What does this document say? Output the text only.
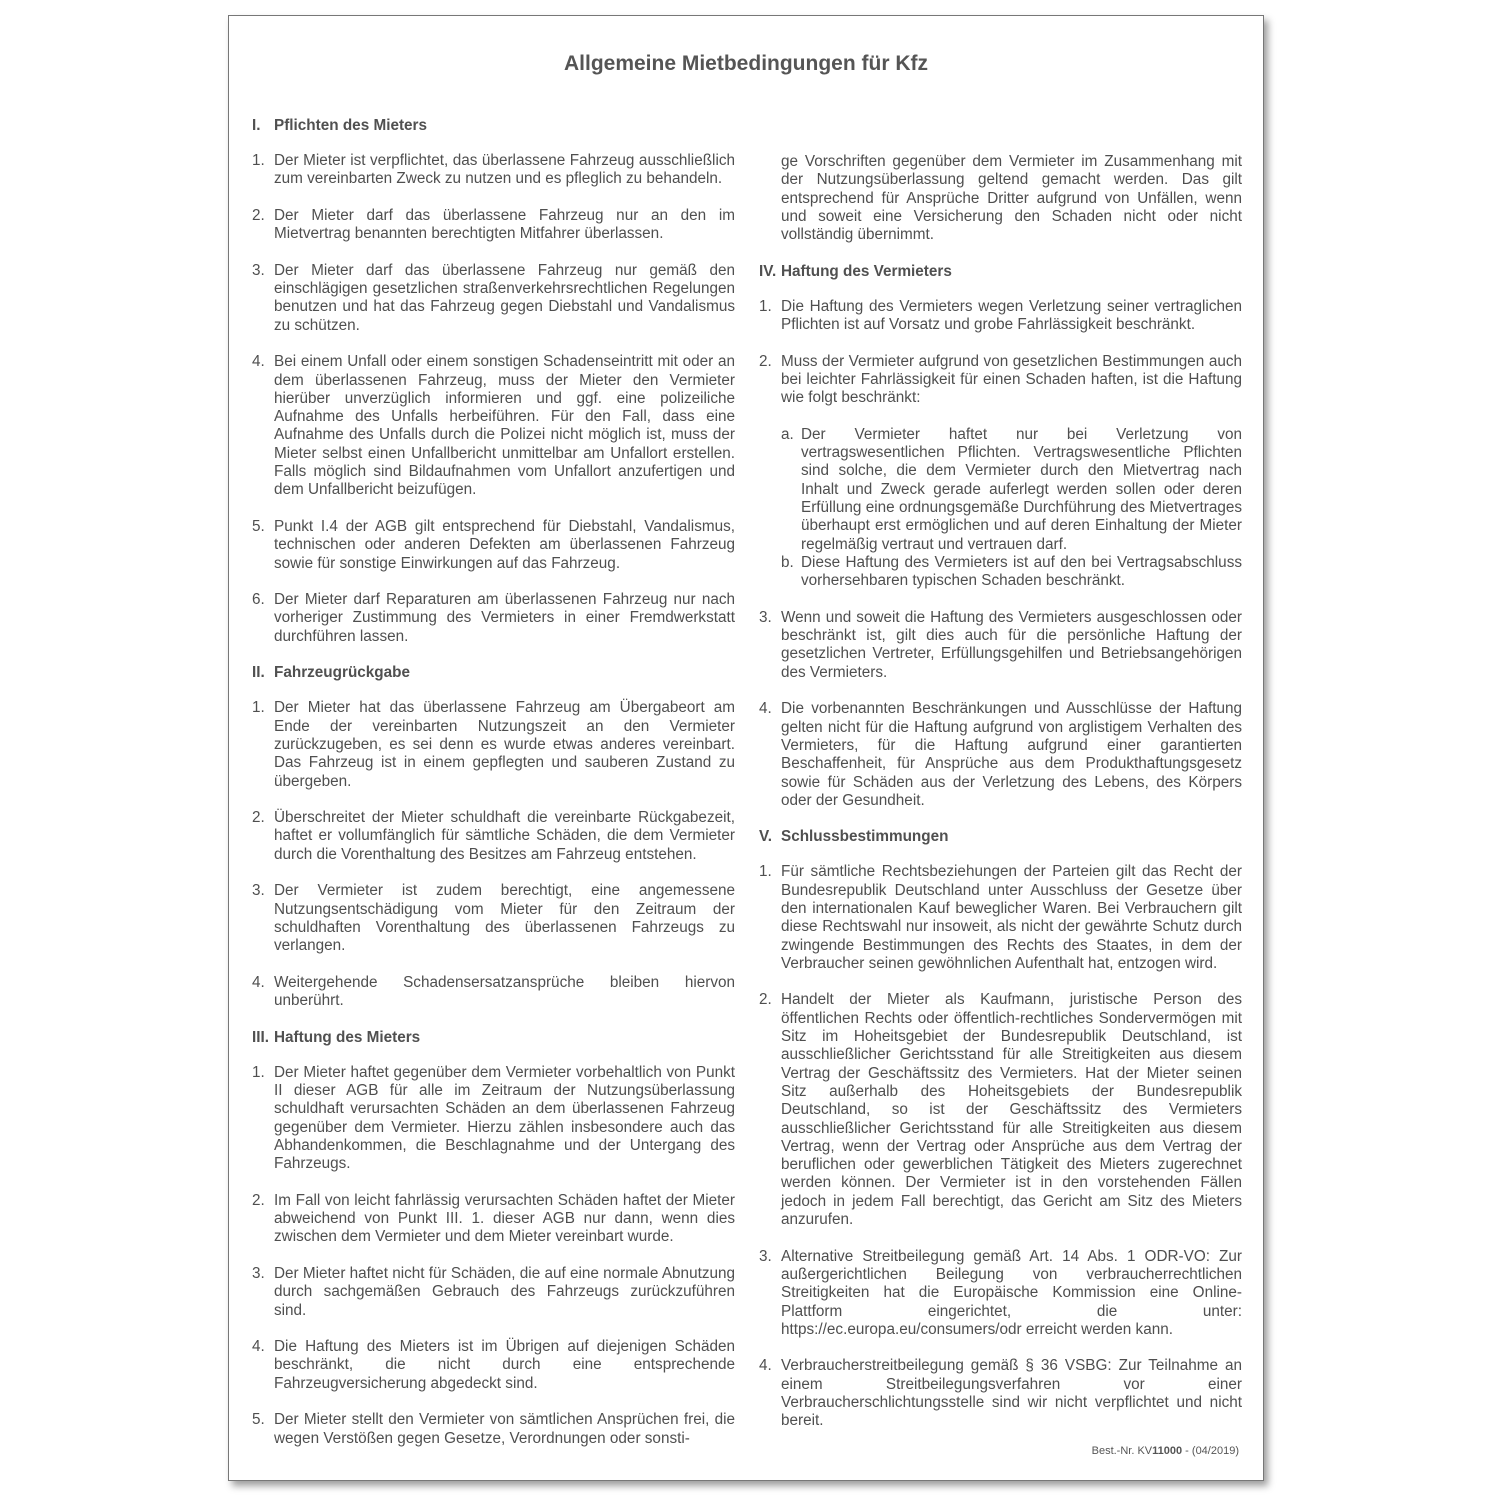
Allgemeine Mietbedingungen für Kfz
I. Pflichten des Mieters
1. Der Mieter ist verpflichtet, das überlassene Fahrzeug ausschließlich zum vereinbarten Zweck zu nutzen und es pfleglich zu behandeln.
2. Der Mieter darf das überlassene Fahrzeug nur an den im Mietvertrag benannten berechtigten Mitfahrer überlassen.
3. Der Mieter darf das überlassene Fahrzeug nur gemäß den einschlägigen gesetzlichen straßenverkehrsrechtlichen Regelungen benutzen und hat das Fahrzeug gegen Diebstahl und Vandalismus zu schützen.
4. Bei einem Unfall oder einem sonstigen Schadenseintritt mit oder an dem überlassenen Fahrzeug, muss der Mieter den Vermieter hierüber unverzüglich informieren und ggf. eine polizeiliche Aufnahme des Unfalls herbeiführen. Für den Fall, dass eine Aufnahme des Unfalls durch die Polizei nicht möglich ist, muss der Mieter selbst einen Unfallbericht unmittelbar am Unfallort erstellen. Falls möglich sind Bildaufnahmen vom Unfallort anzufertigen und dem Unfallbericht beizufügen.
5. Punkt I.4 der AGB gilt entsprechend für Diebstahl, Vandalismus, technischen oder anderen Defekten am überlassenen Fahrzeug sowie für sonstige Einwirkungen auf das Fahrzeug.
6. Der Mieter darf Reparaturen am überlassenen Fahrzeug nur nach vorheriger Zustimmung des Vermieters in einer Fremdwerkstatt durchführen lassen.
II. Fahrzeugrückgabe
1. Der Mieter hat das überlassene Fahrzeug am Übergabeort am Ende der vereinbarten Nutzungszeit an den Vermieter zurückzugeben, es sei denn es wurde etwas anderes vereinbart. Das Fahrzeug ist in einem gepflegten und sauberen Zustand zu übergeben.
2. Überschreitet der Mieter schuldhaft die vereinbarte Rückgabezeit, haftet er vollumfänglich für sämtliche Schäden, die dem Vermieter durch die Vorenthaltung des Besitzes am Fahrzeug entstehen.
3. Der Vermieter ist zudem berechtigt, eine angemessene Nutzungsentschädigung vom Mieter für den Zeitraum der schuldhaften Vorenthaltung des überlassenen Fahrzeugs zu verlangen.
4. Weitergehende Schadensersatzansprüche bleiben hiervon unberührt.
III. Haftung des Mieters
1. Der Mieter haftet gegenüber dem Vermieter vorbehaltlich von Punkt II dieser AGB für alle im Zeitraum der Nutzungsüberlassung schuldhaft verursachten Schäden an dem überlassenen Fahrzeug gegenüber dem Vermieter. Hierzu zählen insbesondere auch das Abhandenkommen, die Beschlagnahme und der Untergang des Fahrzeugs.
2. Im Fall von leicht fahrlässig verursachten Schäden haftet der Mieter abweichend von Punkt III. 1. dieser AGB nur dann, wenn dies zwischen dem Vermieter und dem Mieter vereinbart wurde.
3. Der Mieter haftet nicht für Schäden, die auf eine normale Abnutzung durch sachgemäßen Gebrauch des Fahrzeugs zurückzuführen sind.
4. Die Haftung des Mieters ist im Übrigen auf diejenigen Schäden beschränkt, die nicht durch eine entsprechende Fahrzeugversicherung abgedeckt sind.
5. Der Mieter stellt den Vermieter von sämtlichen Ansprüchen frei, die wegen Verstößen gegen Gesetze, Verordnungen oder sonsti-
ge Vorschriften gegenüber dem Vermieter im Zusammenhang mit der Nutzungsüberlassung geltend gemacht werden. Das gilt entsprechend für Ansprüche Dritter aufgrund von Unfällen, wenn und soweit eine Versicherung den Schaden nicht oder nicht vollständig übernimmt.
IV. Haftung des Vermieters
1. Die Haftung des Vermieters wegen Verletzung seiner vertraglichen Pflichten ist auf Vorsatz und grobe Fahrlässigkeit beschränkt.
2. Muss der Vermieter aufgrund von gesetzlichen Bestimmungen auch bei leichter Fahrlässigkeit für einen Schaden haften, ist die Haftung wie folgt beschränkt:
a. Der Vermieter haftet nur bei Verletzung von vertragswesentlichen Pflichten. Vertragswesentliche Pflichten sind solche, die dem Vermieter durch den Mietvertrag nach Inhalt und Zweck gerade auferlegt werden sollen oder deren Erfüllung eine ordnungsgemäße Durchführung des Mietvertrages überhaupt erst ermöglichen und auf deren Einhaltung der Mieter regelmäßig vertraut und vertrauen darf.
b. Diese Haftung des Vermieters ist auf den bei Vertragsabschluss vorhersehbaren typischen Schaden beschränkt.
3. Wenn und soweit die Haftung des Vermieters ausgeschlossen oder beschränkt ist, gilt dies auch für die persönliche Haftung der gesetzlichen Vertreter, Erfüllungsgehilfen und Betriebsangehörigen des Vermieters.
4. Die vorbenannten Beschränkungen und Ausschlüsse der Haftung gelten nicht für die Haftung aufgrund von arglistigem Verhalten des Vermieters, für die Haftung aufgrund einer garantierten Beschaffenheit, für Ansprüche aus dem Produkthaftungsgesetz sowie für Schäden aus der Verletzung des Lebens, des Körpers oder der Gesundheit.
V. Schlussbestimmungen
1. Für sämtliche Rechtsbeziehungen der Parteien gilt das Recht der Bundesrepublik Deutschland unter Ausschluss der Gesetze über den internationalen Kauf beweglicher Waren. Bei Verbrauchern gilt diese Rechtswahl nur insoweit, als nicht der gewährte Schutz durch zwingende Bestimmungen des Rechts des Staates, in dem der Verbraucher seinen gewöhnlichen Aufenthalt hat, entzogen wird.
2. Handelt der Mieter als Kaufmann, juristische Person des öffentlichen Rechts oder öffentlich-rechtliches Sondervermögen mit Sitz im Hoheitsgebiet der Bundesrepublik Deutschland, ist ausschließlicher Gerichtsstand für alle Streitigkeiten aus diesem Vertrag der Geschäftssitz des Vermieters. Hat der Mieter seinen Sitz außerhalb des Hoheitsgebiets der Bundesrepublik Deutschland, so ist der Geschäftssitz des Vermieters ausschließlicher Gerichtsstand für alle Streitigkeiten aus diesem Vertrag, wenn der Vertrag oder Ansprüche aus dem Vertrag der beruflichen oder gewerblichen Tätigkeit des Mieters zugerechnet werden können. Der Vermieter ist in den vorstehenden Fällen jedoch in jedem Fall berechtigt, das Gericht am Sitz des Mieters anzurufen.
3. Alternative Streitbeilegung gemäß Art. 14 Abs. 1 ODR-VO: Zur außergerichtlichen Beilegung von verbraucherrechtlichen Streitigkeiten hat die Europäische Kommission eine Online-Plattform eingerichtet, die unter: https://ec.europa.eu/consumers/odr erreicht werden kann.
4. Verbraucherstreitbeilegung gemäß § 36 VSBG: Zur Teilnahme an einem Streitbeilegungsverfahren vor einer Verbraucherschlichtungsstelle sind wir nicht verpflichtet und nicht bereit.
Best.-Nr. KV11000 - (04/2019)
